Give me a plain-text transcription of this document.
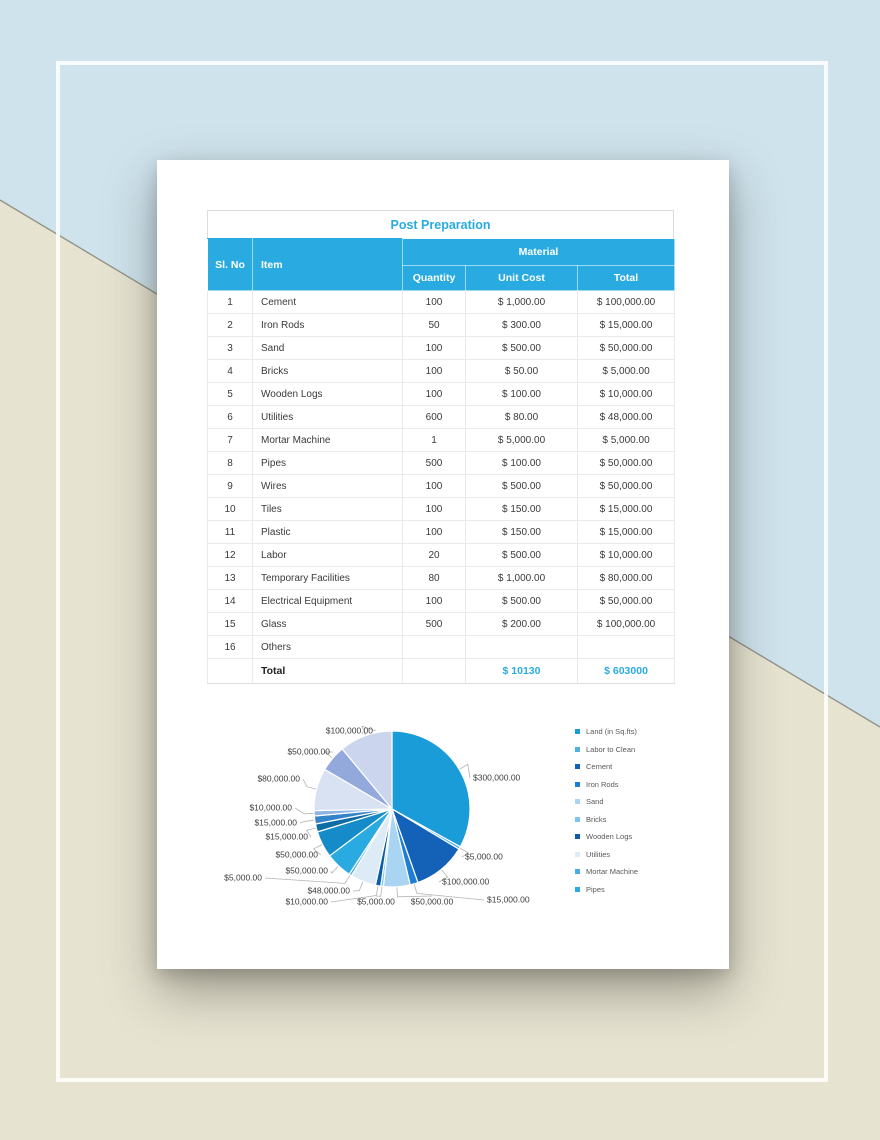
Post Preparation
Sl. No	Item	Material		
		Quantity	Unit Cost	Total
1	Cement	100	$ 1,000.00	$ 100,000.00
2	Iron Rods	50	$ 300.00	$ 15,000.00
3	Sand	100	$ 500.00	$ 50,000.00
4	Bricks	100	$ 50.00	$ 5,000.00
5	Wooden Logs	100	$ 100.00	$ 10,000.00
6	Utilities	600	$ 80.00	$ 48,000.00
7	Mortar Machine	1	$ 5,000.00	$ 5,000.00
8	Pipes	500	$ 100.00	$ 50,000.00
9	Wires	100	$ 500.00	$ 50,000.00
10	Tiles	100	$ 150.00	$ 15,000.00
11	Plastic	100	$ 150.00	$ 15,000.00
12	Labor	20	$ 500.00	$ 10,000.00
13	Temporary Facilities	80	$ 1,000.00	$ 80,000.00
14	Electrical Equipment	100	$ 500.00	$ 50,000.00
15	Glass	500	$ 200.00	$ 100,000.00
16	Others			
	Total		$ 10130	$ 603000
$300,000.00
$5,000.00
$100,000.00
$15,000.00
$50,000.00
$5,000.00
$10,000.00
$48,000.00
$5,000.00
$50,000.00
$50,000.00
$15,000.00
$15,000.00
$10,000.00
$80,000.00
$50,000.00
$100,000.00	Land (in Sq.fts)
Labor to Clean
Cement
Iron Rods
Sand
Bricks
Wooden Logs
Utilities
Mortar Machine
Pipes
